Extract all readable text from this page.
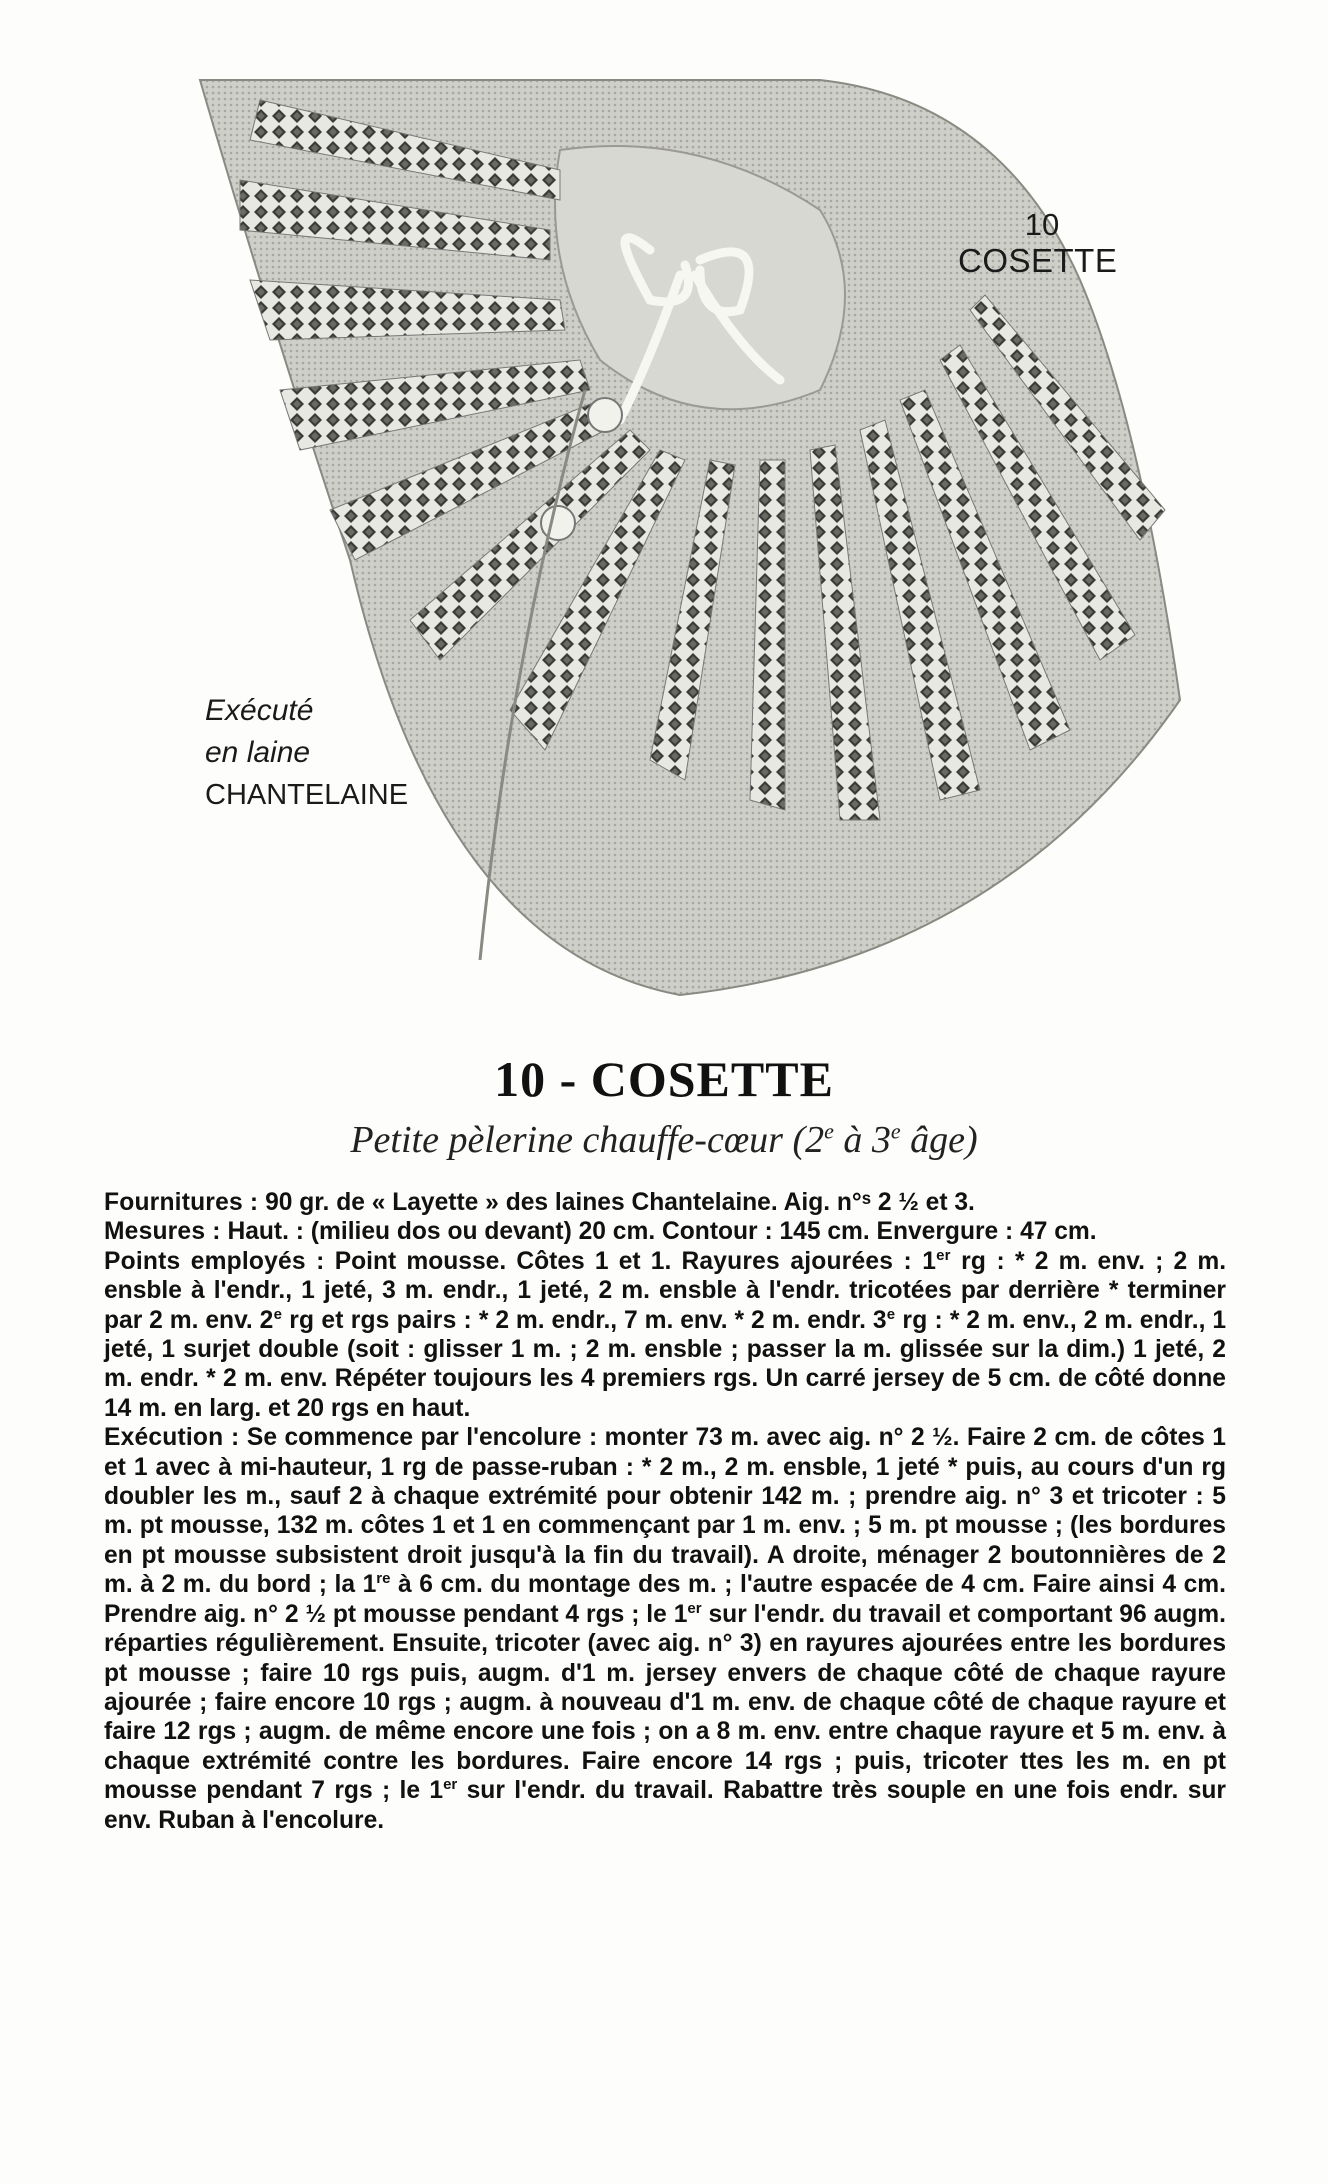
10
COSETTE
Exécuté
en laine
CHANTELAINE
10 - COSETTE
Petite pèlerine chauffe-cœur (2e à 3e âge)

Fournitures : 90 gr. de « Layette » des laines Chantelaine. Aig. n°ˢ 2 ½ et 3.

Mesures : Haut. : (milieu dos ou devant) 20 cm. Contour : 145 cm. Envergure : 47 cm.

Points employés : Point mousse. Côtes 1 et 1. Rayures ajourées : 1er rg : * 2 m. env. ; 2 m. ensble à l'endr., 1 jeté, 3 m. endr., 1 jeté, 2 m. ensble à l'endr. tricotées par derrière * terminer par 2 m. env. 2e rg et rgs pairs : * 2 m. endr., 7 m. env. * 2 m. endr. 3e rg : * 2 m. env., 2 m. endr., 1 jeté, 1 surjet double (soit : glisser 1 m. ; 2 m. ensble ; passer la m. glissée sur la dim.) 1 jeté, 2 m. endr. * 2 m. env. Répéter toujours les 4 premiers rgs. Un carré jersey de 5 cm. de côté donne 14 m. en larg. et 20 rgs en haut.

Exécution : Se commence par l'encolure : monter 73 m. avec aig. n° 2 ½. Faire 2 cm. de côtes 1 et 1 avec à mi-hauteur, 1 rg de passe-ruban : * 2 m., 2 m. ensble, 1 jeté * puis, au cours d'un rg doubler les m., sauf 2 à chaque extrémité pour obtenir 142 m. ; prendre aig. n° 3 et tricoter : 5 m. pt mousse, 132 m. côtes 1 et 1 en commençant par 1 m. env. ; 5 m. pt mousse ; (les bordures en pt mousse subsistent droit jusqu'à la fin du travail). A droite, ménager 2 boutonnières de 2 m. à 2 m. du bord ; la 1re à 6 cm. du montage des m. ; l'autre espacée de 4 cm. Faire ainsi 4 cm. Prendre aig. n° 2 ½ pt mousse pendant 4 rgs ; le 1er sur l'endr. du travail et comportant 96 augm. réparties régulièrement. Ensuite, tricoter (avec aig. n° 3) en rayures ajourées entre les bordures pt mousse ; faire 10 rgs puis, augm. d'1 m. jersey envers de chaque côté de chaque rayure ajourée ; faire encore 10 rgs ; augm. à nouveau d'1 m. env. de chaque côté de chaque rayure et faire 12 rgs ; augm. de même encore une fois ; on a 8 m. env. entre chaque rayure et 5 m. env. à chaque extrémité contre les bordures. Faire encore 14 rgs ; puis, tricoter ttes les m. en pt mousse pendant 7 rgs ; le 1er sur l'endr. du travail. Rabattre très souple en une fois endr. sur env. Ruban à l'encolure.
